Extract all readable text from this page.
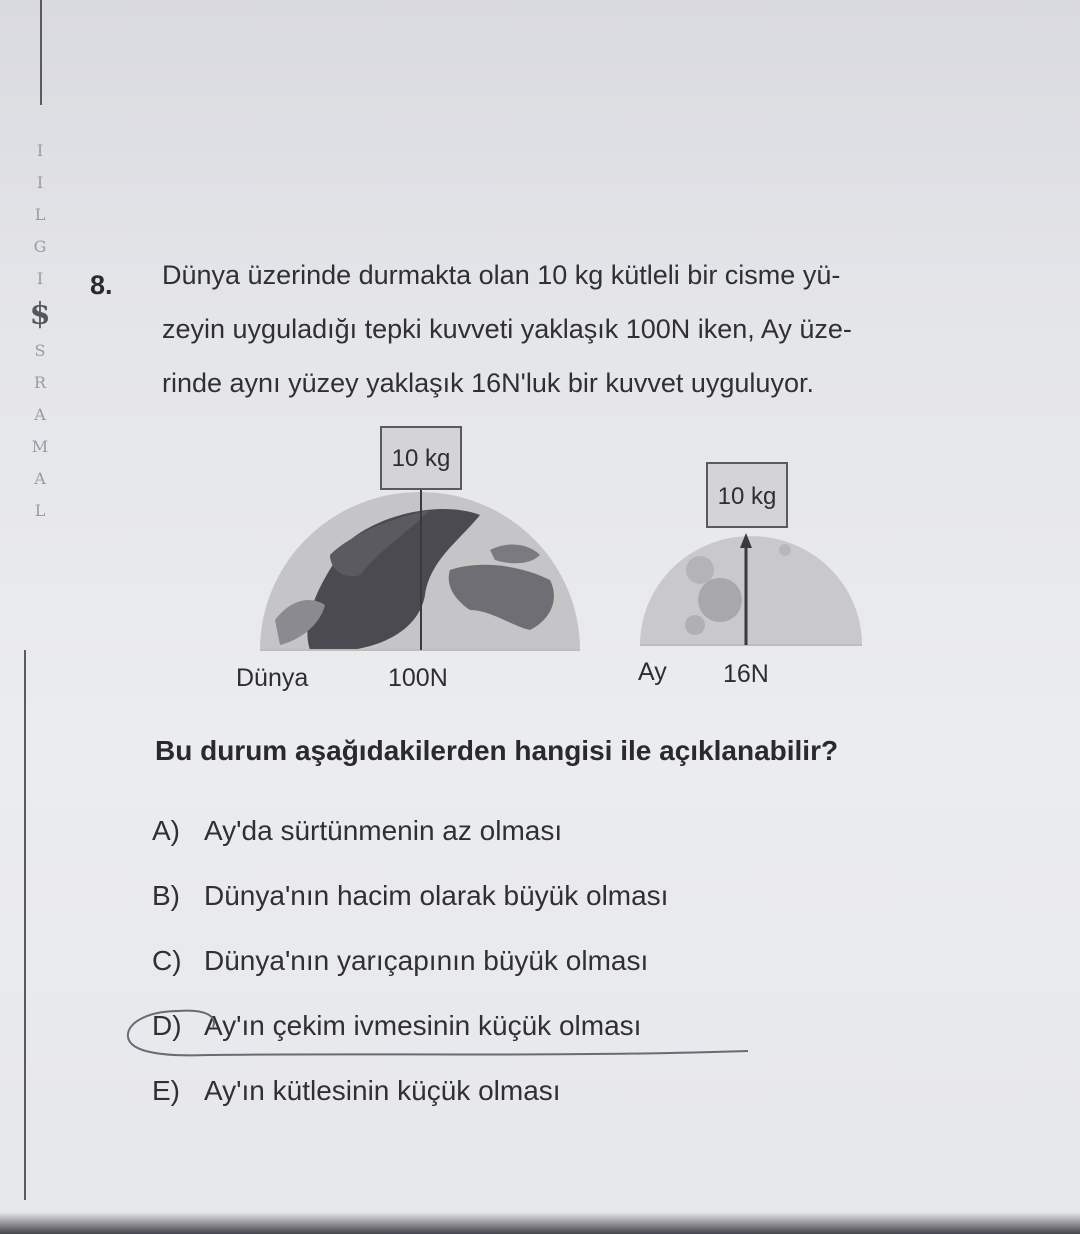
I
I
L
G
I
$
S
R
A
M
A
L
8. Dünya üzerinde durmakta olan 10 kg kütleli bir cisme yü-

zeyin uyguladığı tepki kuvveti yaklaşık 100N iken, Ay üze-

rinde aynı yüzey yaklaşık 16N'luk bir kuvvet uyguluyor.

10 kg
10 kg
Dünya	100N	Ay 16N
Bu durum aşağıdakilerden hangisi ile açıklanabilir?
A) Ay'da sürtünmenin az olması
B) Dünya'nın hacim olarak büyük olması
C) Dünya'nın yarıçapının büyük olması
D) Ay'ın çekim ivmesinin küçük olması
E) Ay'ın kütlesinin küçük olması
